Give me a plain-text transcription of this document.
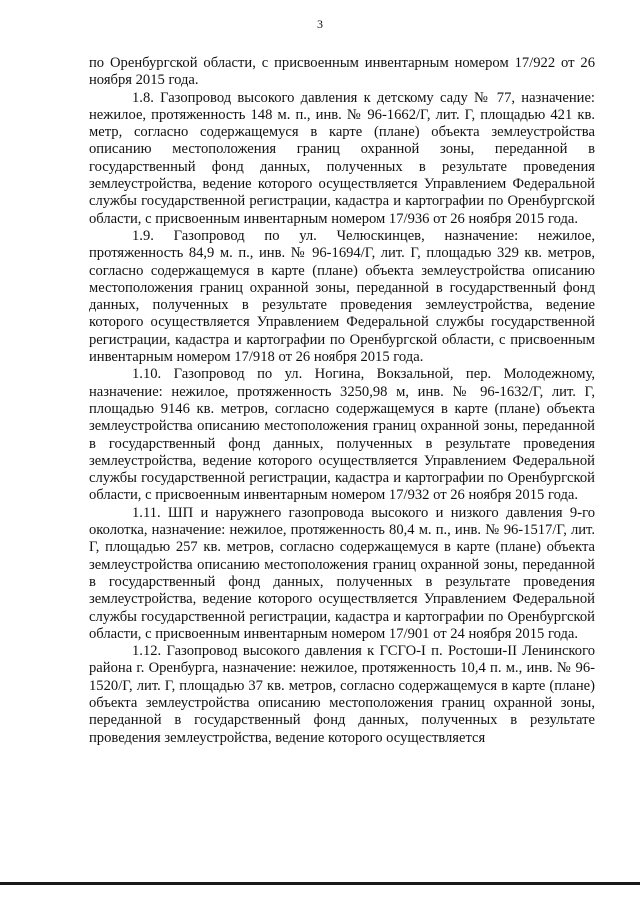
3

по Оренбургской области, с присвоенным инвентарным номером 17/922 от 26 ноября 2015 года.

1.8. Газопровод высокого давления к детскому саду № 77, назначение: нежилое, протяженность 148 м. п., инв. № 96-1662/Г, лит. Г, площадью 421 кв. метр, согласно содержащемуся в карте (плане) объекта землеустройства описанию местоположения границ охранной зоны, переданной в государственный фонд данных, полученных в результате проведения землеустройства, ведение которого осуществляется Управлением Федеральной службы государственной регистрации, кадастра и картографии по Оренбургской области, с присвоенным инвентарным номером 17/936 от 26 ноября 2015 года.

1.9. Газопровод по ул. Челюскинцев, назначение: нежилое, протяженность 84,9 м. п., инв. № 96-1694/Г, лит. Г, площадью 329 кв. метров, согласно содержащемуся в карте (плане) объекта землеустройства описанию местоположения границ охранной зоны, переданной в государственный фонд данных, полученных в результате проведения землеустройства, ведение которого осуществляется Управлением Федеральной службы государственной регистрации, кадастра и картографии по Оренбургской области, с присвоенным инвентарным номером 17/918 от 26 ноября 2015 года.

1.10. Газопровод по ул. Ногина, Вокзальной, пер. Молодежному, назначение: нежилое, протяженность 3250,98 м, инв. № 96-1632/Г, лит. Г, площадью 9146 кв. метров, согласно содержащемуся в карте (плане) объекта землеустройства описанию местоположения границ охранной зоны, переданной в государственный фонд данных, полученных в результате проведения землеустройства, ведение которого осуществляется Управлением Федеральной службы государственной регистрации, кадастра и картографии по Оренбургской области, с присвоенным инвентарным номером 17/932 от 26 ноября 2015 года.

1.11. ШП и наружнего газопровода высокого и низкого давления 9-го околотка, назначение: нежилое, протяженность 80,4 м. п., инв. № 96-1517/Г, лит. Г, площадью 257 кв. метров, согласно содержащемуся в карте (плане) объекта землеустройства описанию местоположения границ охранной зоны, переданной в государственный фонд данных, полученных в результате проведения землеустройства, ведение которого осуществляется Управлением Федеральной службы государственной регистрации, кадастра и картографии по Оренбургской области, с присвоенным инвентарным номером 17/901 от 24 ноября 2015 года.

1.12. Газопровод высокого давления к ГСГО-I п. Ростоши-II Ленинского района г. Оренбурга, назначение: нежилое, протяженность 10,4 п. м., инв. № 96-1520/Г, лит. Г, площадью 37 кв. метров, согласно содержащемуся в карте (плане) объекта землеустройства описанию местоположения границ охранной зоны, переданной в государственный фонд данных, полученных в результате проведения землеустройства, ведение которого осуществляется
